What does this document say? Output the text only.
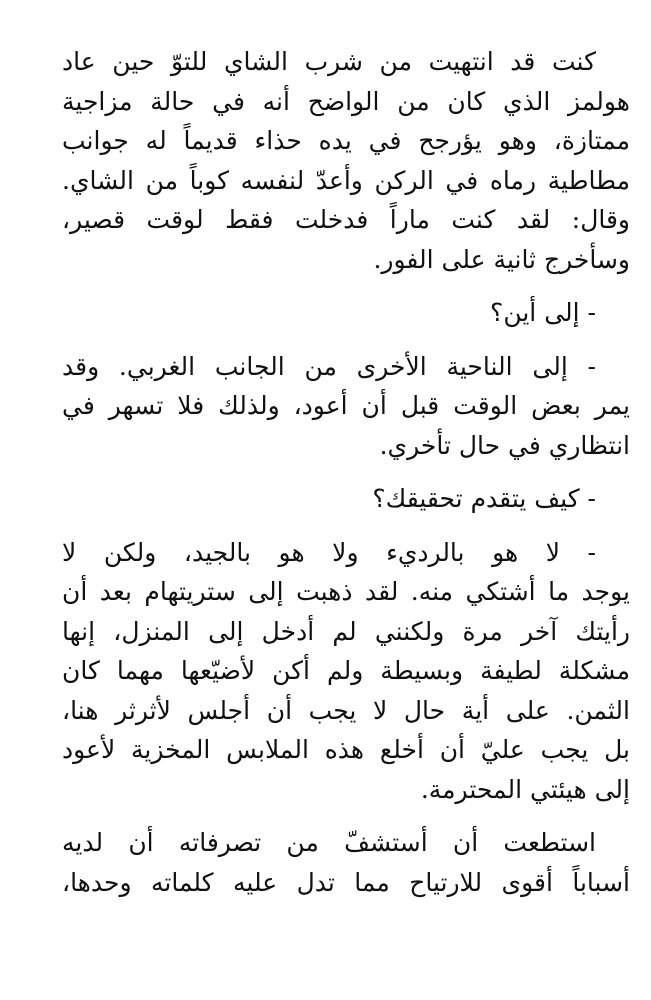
كنت قد انتهيت من شرب الشاي للتوّ حين عاد
هولمز الذي كان من الواضح أنه في حالة مزاجية
ممتازة، وهو يؤرجح في يده حذاء قديماً له جوانب
مطاطية رماه في الركن وأعدّ لنفسه كوباً من الشاي.
وقال: لقد كنت ماراً فدخلت فقط لوقت قصير،
وسأخرج ثانية على الفور.
- إلى أين؟
- إلى الناحية الأخرى من الجانب الغربي. وقد
يمر بعض الوقت قبل أن أعود، ولذلك فلا تسهر في
انتظاري في حال تأخري.
- كيف يتقدم تحقيقك؟
- لا هو بالرديء ولا هو بالجيد، ولكن لا
يوجد ما أشتكي منه. لقد ذهبت إلى ستريتهام بعد أن
رأيتك آخر مرة ولكنني لم أدخل إلى المنزل، إنها
مشكلة لطيفة وبسيطة ولم أكن لأضيّعها مهما كان
الثمن. على أية حال لا يجب أن أجلس لأثرثر هنا،
بل يجب عليّ أن أخلع هذه الملابس المخزية لأعود
إلى هيئتي المحترمة.
استطعت أن أستشفّ من تصرفاته أن لديه
أسباباً أقوى للارتياح مما تدل عليه كلماته وحدها،
